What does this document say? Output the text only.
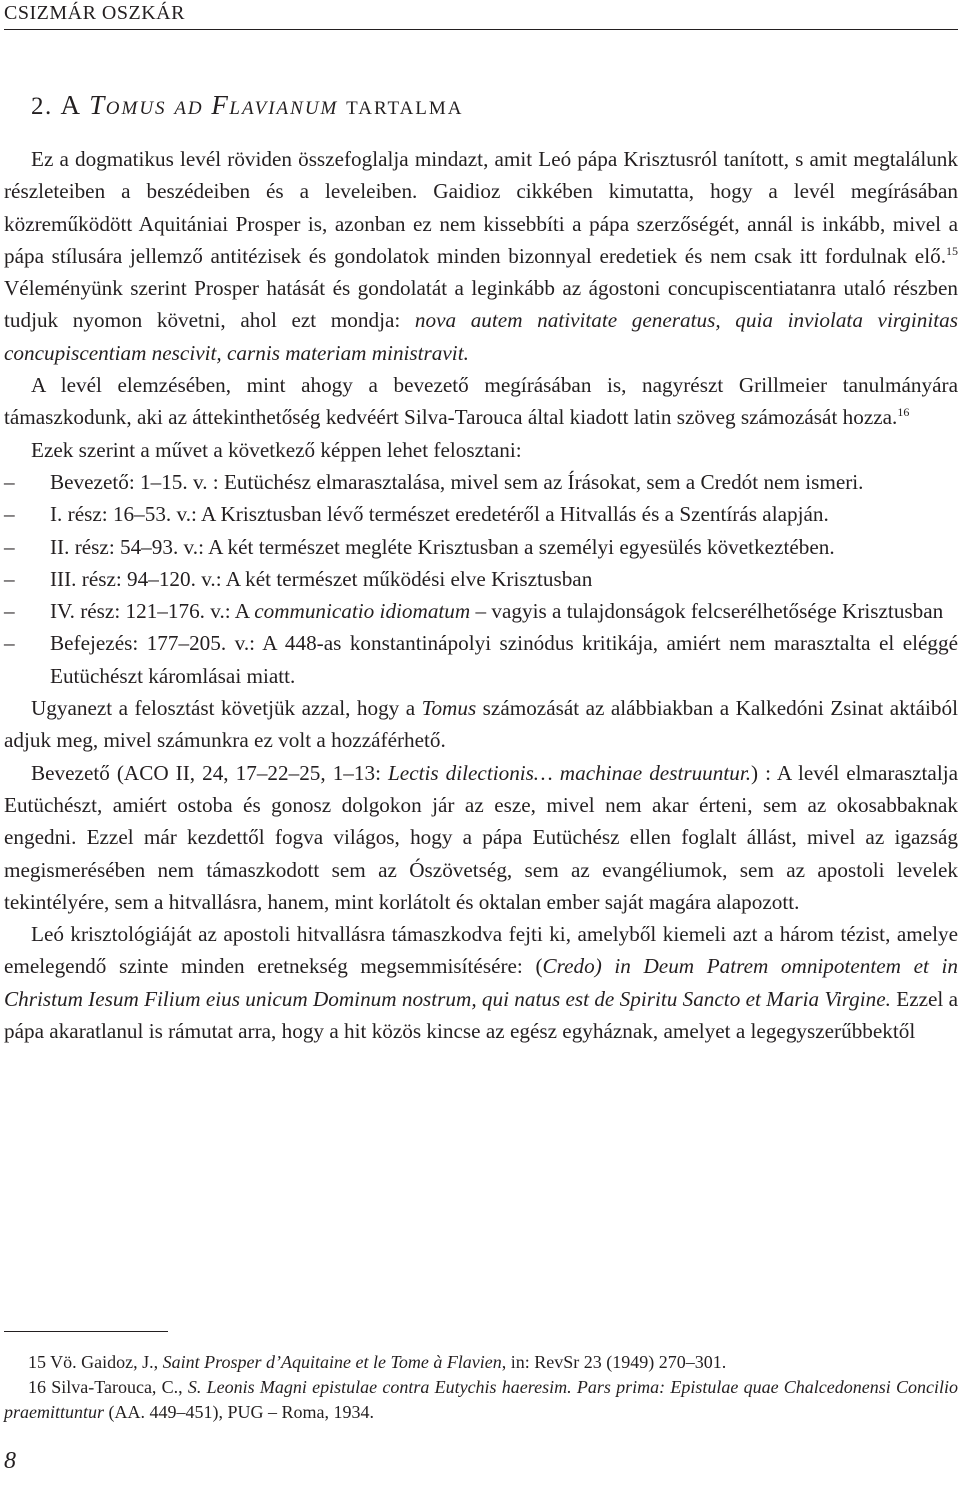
CSIZMÁR OSZKÁR
2. A TOMUS AD FLAVIANUM TARTALMA

Ez a dogmatikus levél röviden összefoglalja mindazt, amit Leó pápa Krisztusról tanított, s amit megtalálunk részleteiben a beszédeiben és a leveleiben. Gaidioz cikkében kimutatta, hogy a levél megírásában közreműködött Aquitániai Prosper is, azonban ez nem kissebbíti a pápa szerzőségét, annál is inkább, mivel a pápa stílusára jellemző antitézisek és gondolatok minden bizonnyal eredetiek és nem csak itt fordulnak elő.$^{15}$ Véleményünk szerint Prosper hatását és gondolatát a leginkább az ágostoni concupiscentiatanra utaló részben tudjuk nyomon követni, ahol ezt mondja: nova autem nativitate generatus, quia inviolata virginitas concupiscentiam nescivit, carnis materiam ministravit.

A levél elemzésében, mint ahogy a bevezető megírásában is, nagyrészt Grillmeier tanulmányára támaszkodunk, aki az áttekinthetőség kedvéért Silva-Tarouca által kiadott latin szöveg számozását hozza.$^{16}$

Ezek szerint a művet a következő képpen lehet felosztani:

– Bevezető: 1–15. v. : Eutüchész elmarasztalása, mivel sem az Írásokat, sem a Credót nem ismeri.
– I. rész: 16–53. v.: A Krisztusban lévő természet eredetéről a Hitvallás és a Szentírás alapján.
– II. rész: 54–93. v.: A két természet megléte Krisztusban a személyi egyesülés következtében.
– III. rész: 94–120. v.: A két természet működési elve Krisztusban
– IV. rész: 121–176. v.: A communicatio idiomatum – vagyis a tulajdonságok felcserélhetősége Krisztusban
– Befejezés: 177–205. v.: A 448-as konstantinápolyi szinódus kritikája, amiért nem marasztalta el eléggé Eutüchészt káromlásai miatt.

Ugyanezt a felosztást követjük azzal, hogy a Tomus számozását az alábbiakban a Kalkedóni Zsinat aktáiból adjuk meg, mivel számunkra ez volt a hozzáférhető.

Bevezető (ACO II, 24, 17–22–25, 1–13: Lectis dilectionis… machinae destruuntur.) : A levél elmarasztalja Eutüchészt, amiért ostoba és gonosz dolgokon jár az esze, mivel nem akar érteni, sem az okosabbaknak engedni. Ezzel már kezdettől fogva világos, hogy a pápa Eutüchész ellen foglalt állást, mivel az igazság megismerésében nem támaszkodott sem az Ószövetség, sem az evangéliumok, sem az apostoli levelek tekintélyére, sem a hitvallásra, hanem, mint korlátolt és oktalan ember saját magára alapozott.

Leó krisztológiáját az apostoli hitvallásra támaszkodva fejti ki, amelyből kiemeli azt a három tézist, amelye emelegendő szinte minden eretnekség megsemmisítésére: (Credo) in Deum Patrem omnipotentem et in Christum Iesum Filium eius unicum Dominum nostrum, qui natus est de Spiritu Sancto et Maria Virgine. Ezzel a pápa akaratlanul is rámutat arra, hogy a hit közös kincse az egész egyháznak, amelyet a legegyszerűbbektől

15 Vö. Gaidoz, J., Saint Prosper d’Aquitaine et le Tome à Flavien, in: RevSr 23 (1949) 270–301.

16 Silva-Tarouca, C., S. Leonis Magni epistulae contra Eutychis haeresim. Pars prima: Epistulae quae Chalcedonensi Concilio praemittuntur (AA. 449–451), PUG – Roma, 1934.

8
